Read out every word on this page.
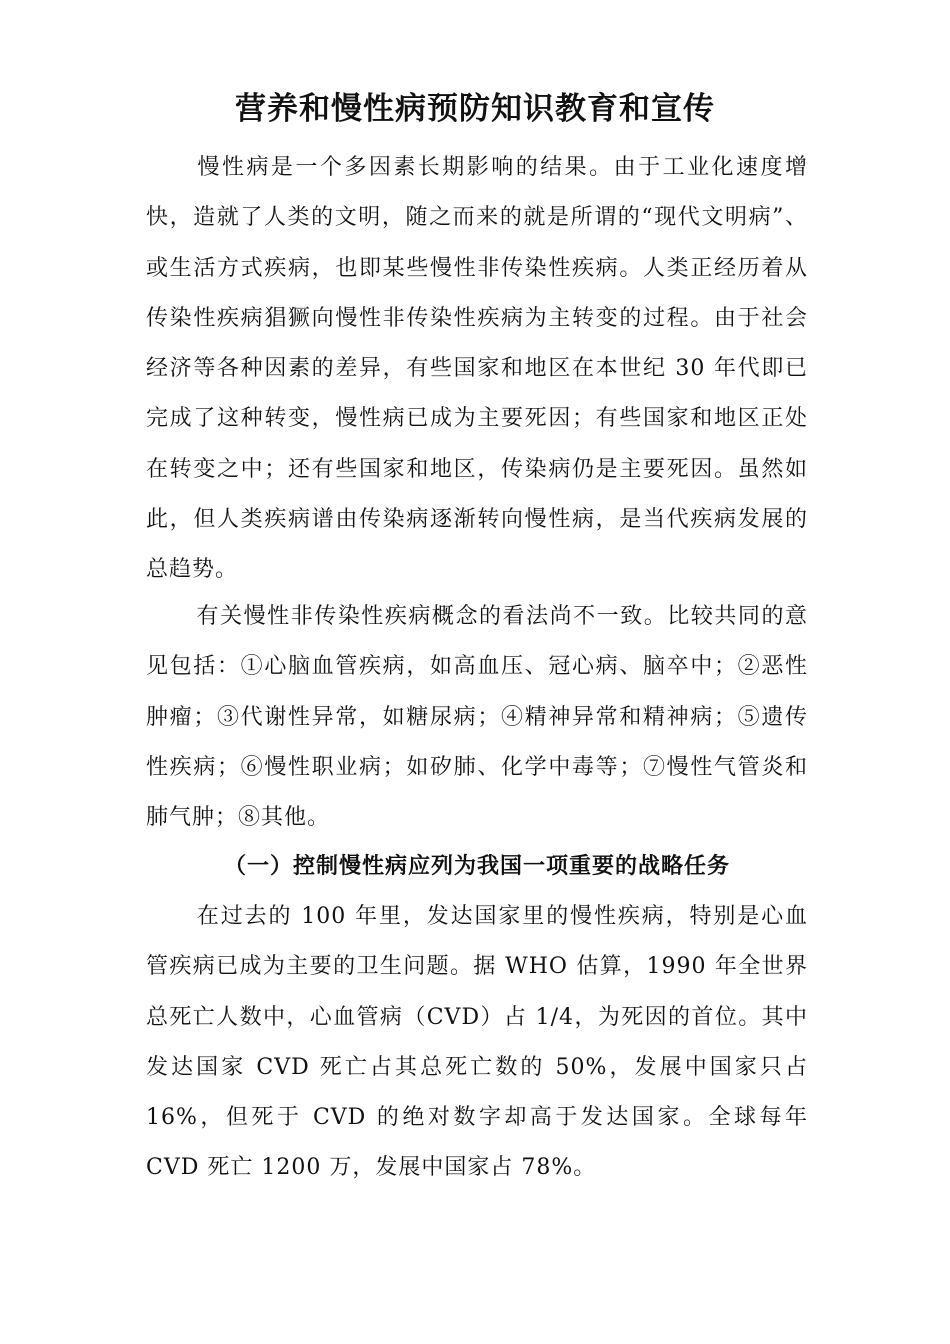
营养和慢性病预防知识教育和宣传

慢性病是一个多因素长期影响的结果。由于工业化速度增快，造就了人类的文明，随之而来的就是所谓的“现代文明病”、或生活方式疾病，也即某些慢性非传染性疾病。人类正经历着从传染性疾病猖獗向慢性非传染性疾病为主转变的过程。由于社会经济等各种因素的差异，有些国家和地区在本世纪 30 年代即已完成了这种转变，慢性病已成为主要死因；有些国家和地区正处在转变之中；还有些国家和地区，传染病仍是主要死因。虽然如此，但人类疾病谱由传染病逐渐转向慢性病，是当代疾病发展的总趋势。

有关慢性非传染性疾病概念的看法尚不一致。比较共同的意见包括：①心脑血管疾病，如高血压、冠心病、脑卒中；②恶性肿瘤；③代谢性异常，如糖尿病；④精神异常和精神病；⑤遗传性疾病；⑥慢性职业病；如矽肺、化学中毒等；⑦慢性气管炎和肺气肿；⑧其他。

（一）控制慢性病应列为我国一项重要的战略任务

在过去的 100 年里，发达国家里的慢性疾病，特别是心血管疾病已成为主要的卫生问题。据 WHO 估算，1990 年全世界总死亡人数中，心血管病（CVD）占 1/4，为死因的首位。其中发达国家 CVD 死亡占其总死亡数的 50%，发展中国家只占 16%，但死于 CVD 的绝对数字却高于发达国家。全球每年 CVD 死亡 1200 万，发展中国家占 78%。
